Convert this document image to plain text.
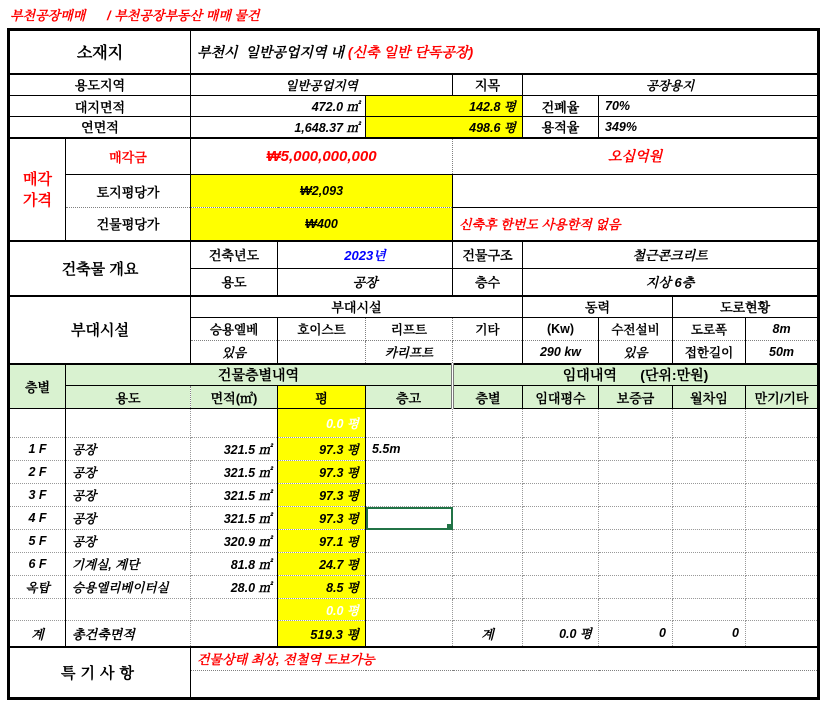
부천공장매매      / 부천공장부동산 매매 물건
소재지		부천시  일반공업지역 내 (신축 일반 단독공장)							
용도지역		일반공업지역			지목	공장용지			
대지면적		472.0 ㎡		142.8 평		건폐율	70%		
연면적		1,648.37 ㎡		498.6 평		용적율	349%		

매각
가격	매각금	₩5,000,000,000			오십억원				
	토지평당가	₩2,093							
	건물평당가	₩400			신축후 한번도 사용한적 없음				
건축물 개요		건축년도	2023년		건물구조	철근콘크리트			
		용도	공장		층수	지상 6층			
부대시설		부대시설				동력		도로현황	
		승용엘베	호이스트	리프트	기타	(Kw)	수전설비	도로폭	8m
		있음		카리프트		290 kw	있음	접한길이	50m
층별	건물층별내역				임대내역      (단위:만원)				
	용도	면적(㎡)	평	층고	층별	임대평수	보증금	월차임	만기/기타
			0.0 평						
1 F	공장	321.5 ㎡	97.3 평	5.5m					
2 F	공장	321.5 ㎡	97.3 평						
3 F	공장	321.5 ㎡	97.3 평						
4 F	공장	321.5 ㎡	97.3 평						
5 F	공장	320.9 ㎡	97.1 평						
6 F	기계실, 계단	81.8 ㎡	24.7 평						
옥탑	승용엘리베이터실	28.0 ㎡	8.5 평						
			0.0 평						
계	총건축면적		519.3 평		계	0.0 평	0	0	
특기사항		건물상태 최상, 전철역 도보가능							
